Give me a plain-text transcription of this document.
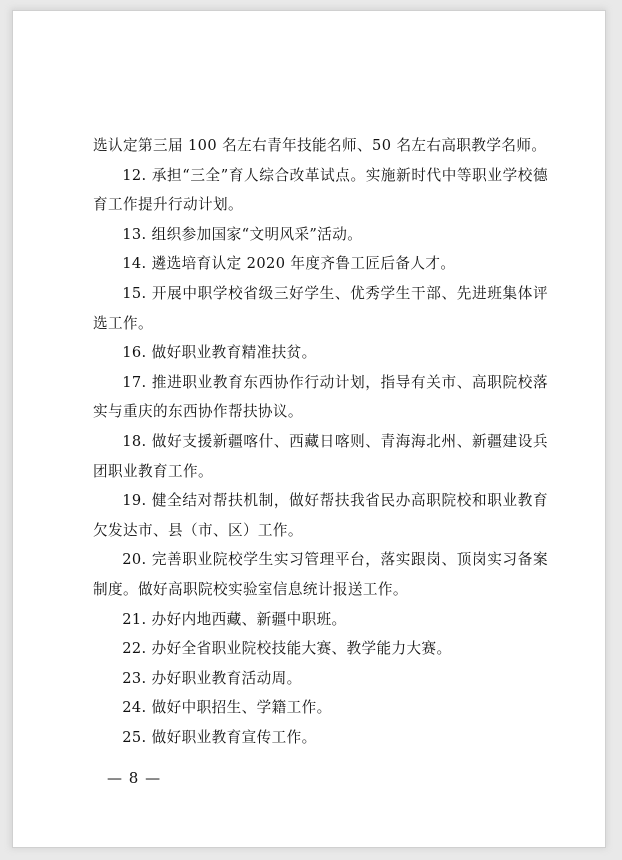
选认定第三届 100 名左右青年技能名师、50 名左右高职教学名师。

12. 承担“三全”育人综合改革试点。实施新时代中等职业学校德育工作提升行动计划。

13. 组织参加国家“文明风采”活动。

14. 遴选培育认定 2020 年度齐鲁工匠后备人才。

15. 开展中职学校省级三好学生、优秀学生干部、先进班集体评选工作。

16. 做好职业教育精准扶贫。

17. 推进职业教育东西协作行动计划，指导有关市、高职院校落实与重庆的东西协作帮扶协议。

18. 做好支援新疆喀什、西藏日喀则、青海海北州、新疆建设兵团职业教育工作。

19. 健全结对帮扶机制，做好帮扶我省民办高职院校和职业教育欠发达市、县（市、区）工作。

20. 完善职业院校学生实习管理平台，落实跟岗、顶岗实习备案制度。做好高职院校实验室信息统计报送工作。

21. 办好内地西藏、新疆中职班。

22. 办好全省职业院校技能大赛、教学能力大赛。

23. 办好职业教育活动周。

24. 做好中职招生、学籍工作。

25. 做好职业教育宣传工作。

— 8 —
